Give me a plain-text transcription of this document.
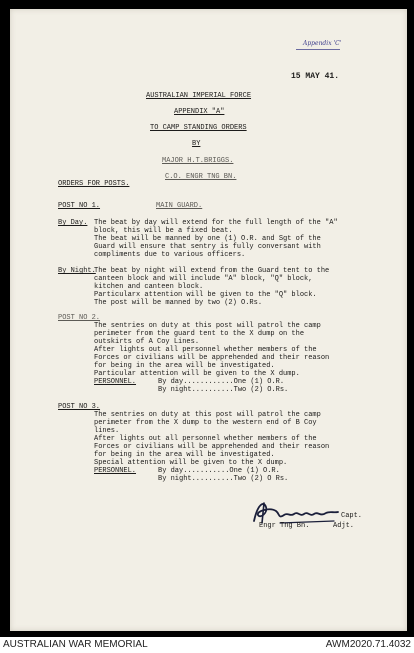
Appendix 'C'
15 MAY 41.
AUSTRALIAN IMPERIAL FORCE
APPENDIX "A"
TO CAMP STANDING ORDERS
BY
MAJOR H.T.BRIGGS.
C.O. ENGR TNG BN.
ORDERS FOR POSTS.
POST NO 1.	MAIN GUARD.
By Day. The beat by day will extend for the full length of the "A"
block, this will be a fixed beat.
The beat will be manned by one (1) O.R. and Sgt of the
Guard will ensure that sentry is fully conversant with
compliments due to various officers.
By Night.
The beat by night will extend from the Guard tent to the
canteen block and will include "A" block, "Q" block,
kitchen and canteen block.
Particularx attention will be given to the "Q" block.
The post will be manned by two (2) O.Rs.
POST NO 2.
The sentries on duty at this post will patrol the camp
perimeter from the guard tent to the X dump on the
outskirts of A Coy Lines.
After lights out all personnel whether members of the
Forces or civilians will be apprehended and their reason
for being in the area will be investigated.
Particular attention will be given to the X dump.
PERSONNEL.	By day............One (1) O.R.
By night..........Two (2) O.Rs.
POST NO 3.
The sentries on duty at this post will patrol the camp
perimeter from the X dump to the western end of B Coy
lines.
After lights out all personnel whether members of the
Forces or civilians will be apprehended and their reason
for being in the area will be investigated.
Special attention will be given to the X dump.
PERSONNEL.	By day...........One (1) O.R.
By night..........Two (2) O Rs.
Capt.
Engr Tng Bn.	Adjt.
AUSTRALIAN WAR MEMORIAL	AWM2020.71.4032
